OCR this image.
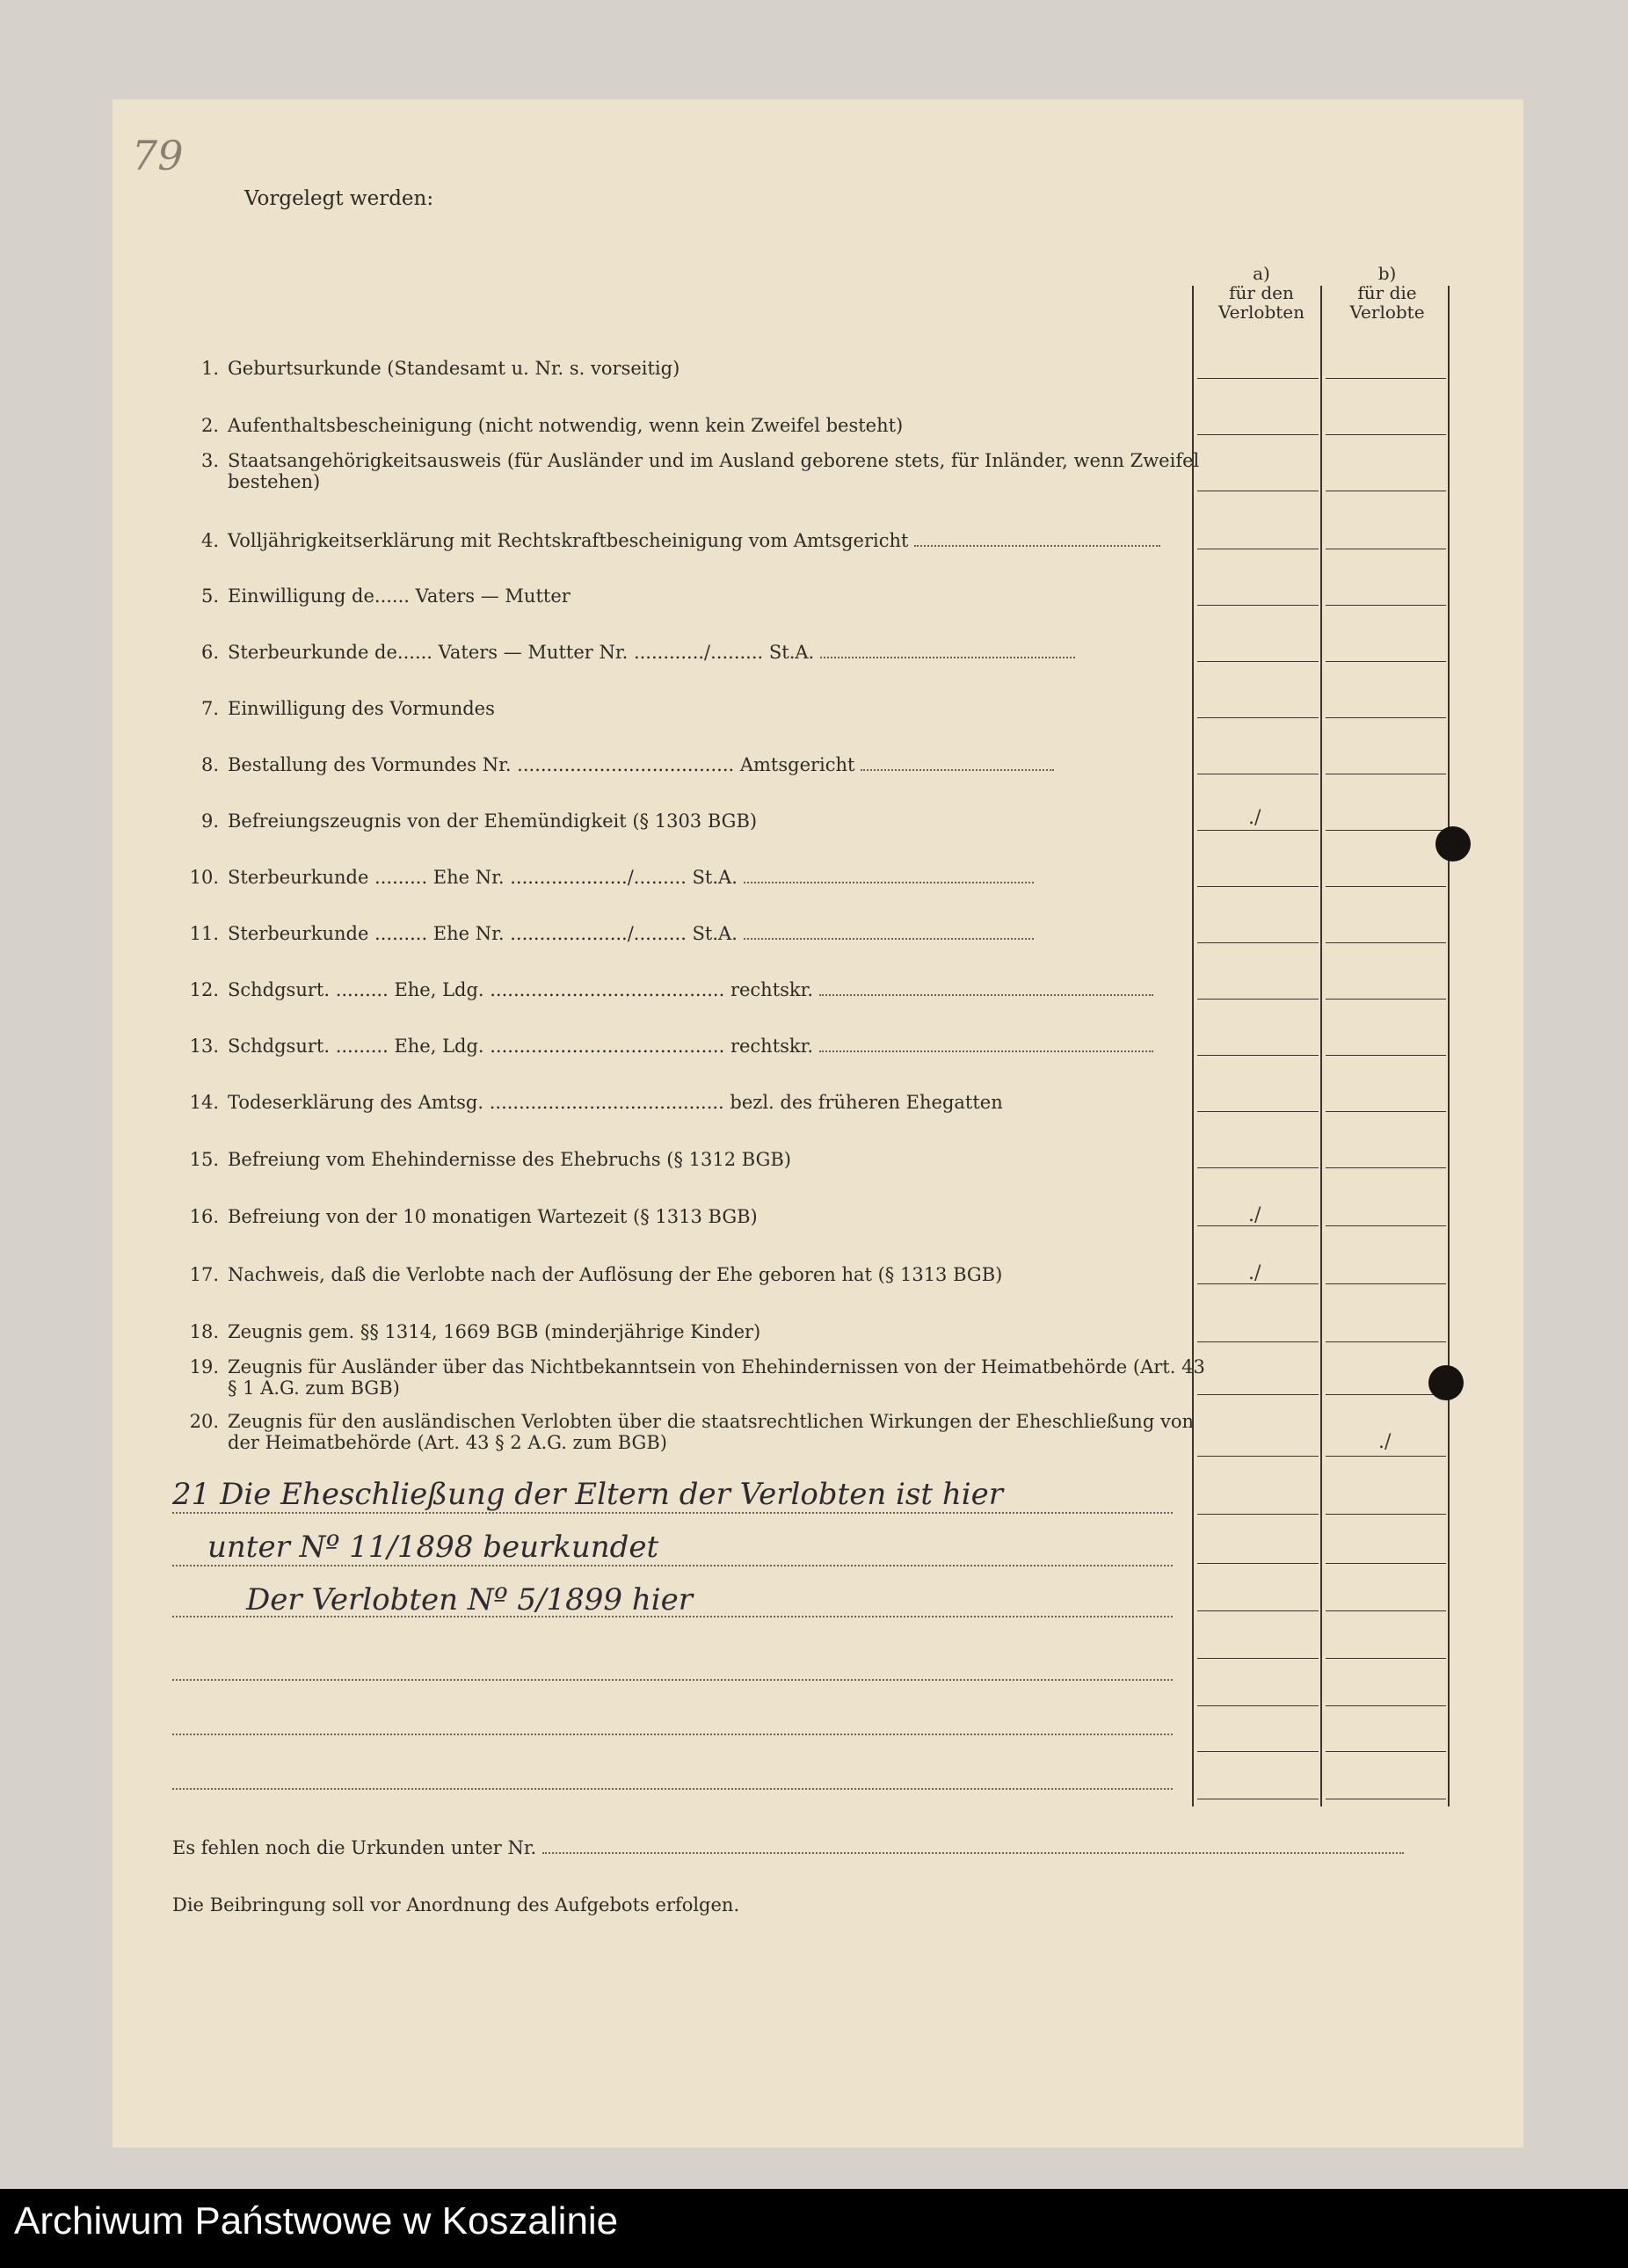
79
Vorgelegt werden:
a)
für den
Verlobten
b)
für die
Verlobte
1. Geburtsurkunde (Standesamt u. Nr. s. vorseitig)
2. Aufenthaltsbescheinigung (nicht notwendig, wenn kein Zweifel besteht)
3. Staatsangehörigkeitsausweis (für Ausländer und im Ausland geborene stets, für Inländer, wenn Zweifel bestehen)
4. Volljährigkeitserklärung mit Rechtskraftbescheinigung vom Amtsgericht
5. Einwilligung de...... Vaters — Mutter
6. Sterbeurkunde de...... Vaters — Mutter Nr. ............/......... St.A.
7. Einwilligung des Vormundes
8. Bestallung des Vormundes Nr. ..................................... Amtsgericht
9. Befreiungszeugnis von der Ehemündigkeit (§ 1303 BGB)
10. Sterbeurkunde ......... Ehe Nr. ..................../......... St.A.
11. Sterbeurkunde ......... Ehe Nr. ..................../......... St.A.
12. Schdgsurt. ......... Ehe, Ldg. ........................................ rechtskr.
13. Schdgsurt. ......... Ehe, Ldg. ........................................ rechtskr.
14. Todeserklärung des Amtsg. ........................................ bezl. des früheren Ehegatten
15. Befreiung vom Ehehindernisse des Ehebruchs (§ 1312 BGB)
16. Befreiung von der 10 monatigen Wartezeit (§ 1313 BGB)
17. Nachweis, daß die Verlobte nach der Auflösung der Ehe geboren hat (§ 1313 BGB)
18. Zeugnis gem. §§ 1314, 1669 BGB (minderjährige Kinder)
19. Zeugnis für Ausländer über das Nichtbekanntsein von Ehehindernissen von der Heimatbehörde (Art. 43 § 1 A.G. zum BGB)
20. Zeugnis für den ausländischen Verlobten über die staatsrechtlichen Wirkungen der Eheschließung von der Heimatbehörde (Art. 43 § 2 A.G. zum BGB)
./
./
./
./
21 Die Eheschließung der Eltern der Verlobten ist hier
unter Nº 11/1898 beurkundet
Der Verlobten Nº 5/1899 hier
Es fehlen noch die Urkunden unter Nr.
Die Beibringung soll vor Anordnung des Aufgebots erfolgen.
Archiwum Państwowe w Koszalinie
